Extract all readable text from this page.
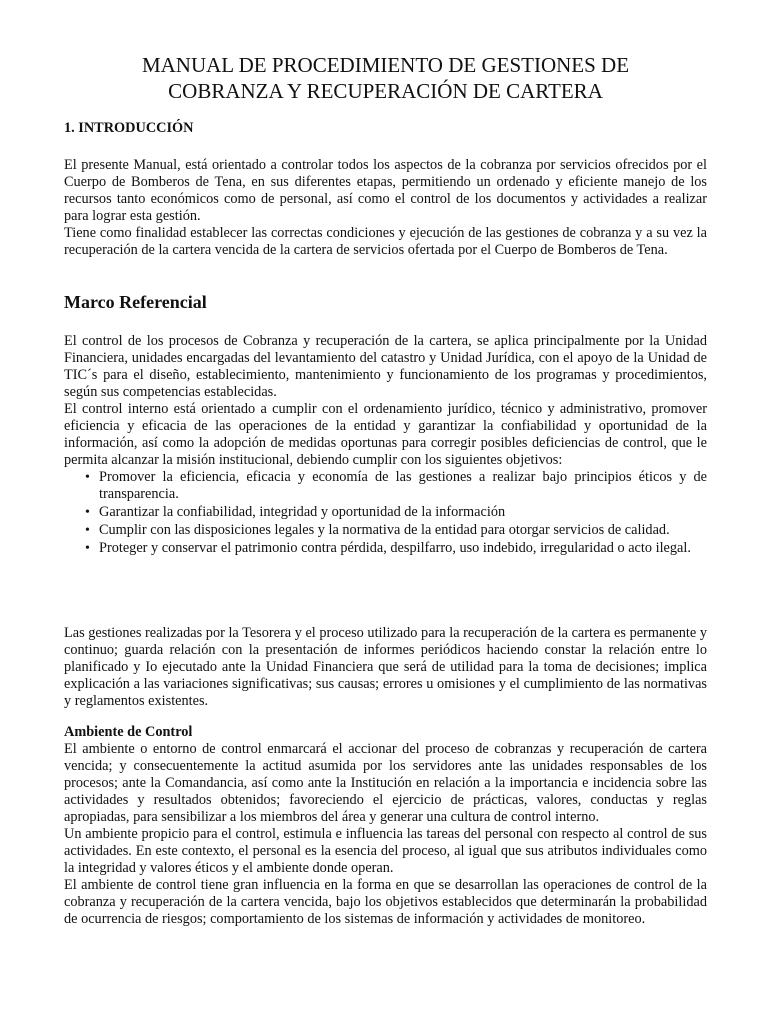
MANUAL DE PROCEDIMIENTO DE GESTIONES DE
COBRANZA Y RECUPERACIÓN DE CARTERA

1. INTRODUCCIÓN

El presente Manual, está orientado a controlar todos los aspectos de la cobranza por servicios ofrecidos por el Cuerpo de Bomberos de Tena, en sus diferentes etapas, permitiendo un ordenado y eficiente manejo de los recursos tanto económicos como de personal, así como el control de los documentos y actividades a realizar para lograr esta gestión.

Tiene como finalidad establecer las correctas condiciones y ejecución de las gestiones de cobranza y a su vez la recuperación de la cartera vencida de la cartera de servicios ofertada por el Cuerpo de Bomberos de Tena.

Marco Referencial

El control de los procesos de Cobranza y recuperación de la cartera, se aplica principalmente por la Unidad Financiera, unidades encargadas del levantamiento del catastro y Unidad Jurídica, con el apoyo de la Unidad de TIC´s para el diseño, establecimiento, mantenimiento y funcionamiento de los programas y procedimientos, según sus competencias establecidas.

El control interno está orientado a cumplir con el ordenamiento jurídico, técnico y administrativo, promover eficiencia y eficacia de las operaciones de la entidad y garantizar la confiabilidad y oportunidad de la información, así como la adopción de medidas oportunas para corregir posibles deficiencias de control, que le permita alcanzar la misión institucional, debiendo cumplir con los siguientes objetivos:

• Promover la eficiencia, eficacia y economía de las gestiones a realizar bajo principios éticos y de transparencia.
• Garantizar la confiabilidad, integridad y oportunidad de la información
• Cumplir con las disposiciones legales y la normativa de la entidad para otorgar servicios de calidad.
• Proteger y conservar el patrimonio contra pérdida, despilfarro, uso indebido, irregularidad o acto ilegal.

Las gestiones realizadas por la Tesorera y el proceso utilizado para la recuperación de la cartera es permanente y continuo; guarda relación con la presentación de informes periódicos haciendo constar la relación entre lo planificado y Io ejecutado ante la Unidad Financiera que será de utilidad para la toma de decisiones; implica explicación a las variaciones significativas; sus causas; errores u omisiones y el cumplimiento de las normativas y reglamentos existentes.

Ambiente de Control

El ambiente o entorno de control enmarcará el accionar del proceso de cobranzas y recuperación de cartera vencida; y consecuentemente la actitud asumida por los servidores ante las unidades responsables de los procesos; ante la Comandancia, así como ante la Institución en relación a la importancia e incidencia sobre las actividades y resultados obtenidos; favoreciendo el ejercicio de prácticas, valores, conductas y reglas apropiadas, para sensibilizar a los miembros del área y generar una cultura de control interno.

Un ambiente propicio para el control, estimula e influencia las tareas del personal con respecto al control de sus actividades. En este contexto, el personal es la esencia del proceso, al igual que sus atributos individuales como la integridad y valores éticos y el ambiente donde operan.

El ambiente de control tiene gran influencia en la forma en que se desarrollan las operaciones de control de la cobranza y recuperación de la cartera vencida, bajo los objetivos establecidos que determinarán la probabilidad de ocurrencia de riesgos; comportamiento de los sistemas de información y actividades de monitoreo.
